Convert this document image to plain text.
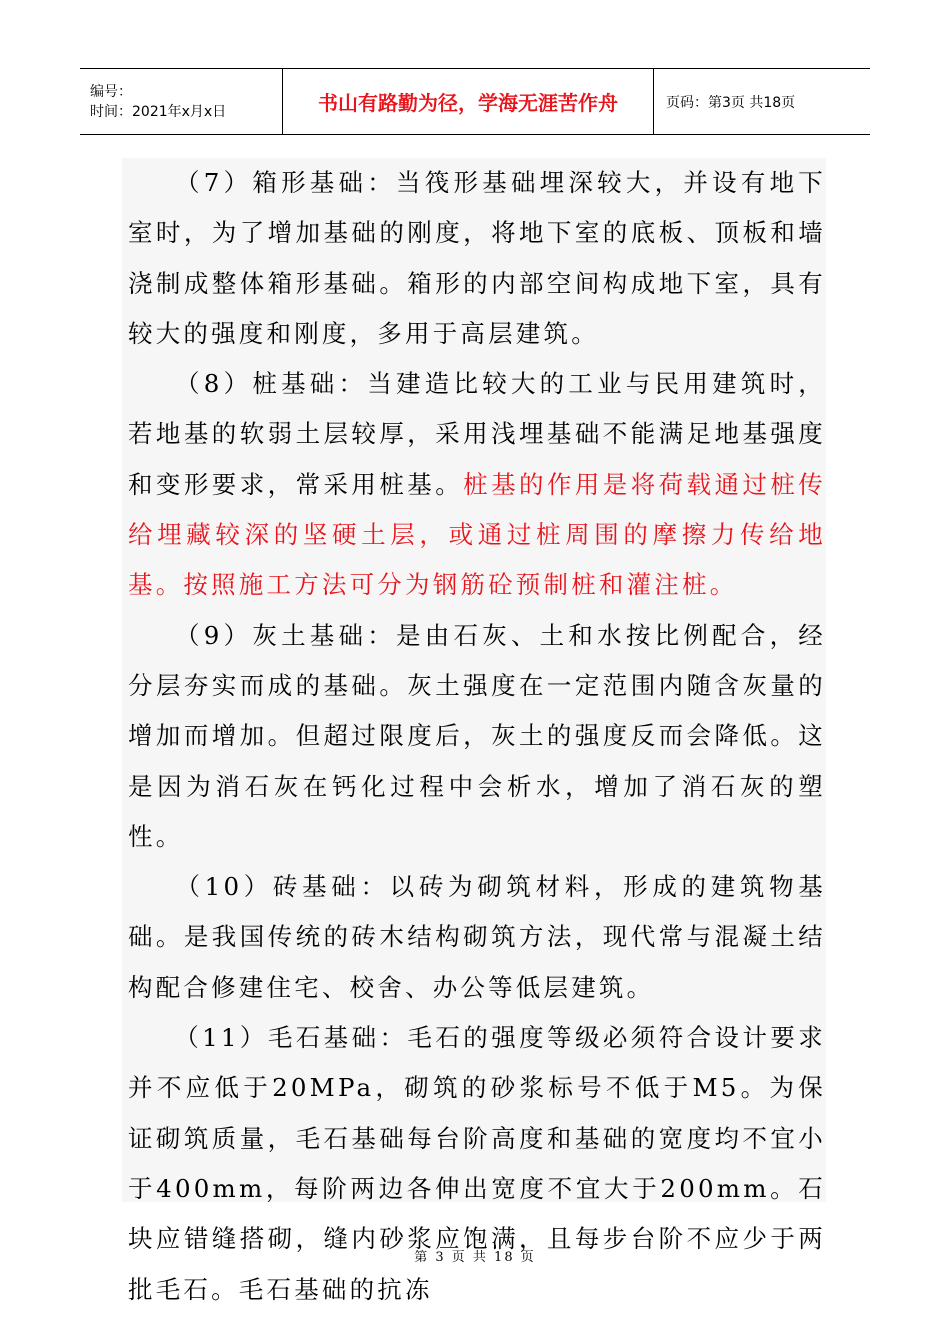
编号：
时间：2021年x月x日	书山有路勤为径，学海无涯苦作舟	页码：第3页 共18页

（7）箱形基础：当筏形基础埋深较大，并设有地下室时，为了增加基础的刚度，将地下室的底板、顶板和墙浇制成整体箱形基础。箱形的内部空间构成地下室，具有较大的强度和刚度，多用于高层建筑。

（8）桩基础：当建造比较大的工业与民用建筑时，若地基的软弱土层较厚，采用浅埋基础不能满足地基强度和变形要求，常采用桩基。桩基的作用是将荷载通过桩传给埋藏较深的坚硬土层，或通过桩周围的摩擦力传给地基。按照施工方法可分为钢筋砼预制桩和灌注桩。

（9）灰土基础：是由石灰、土和水按比例配合，经分层夯实而成的基础。灰土强度在一定范围内随含灰量的增加而增加。但超过限度后，灰土的强度反而会降低。这是因为消石灰在钙化过程中会析水，增加了消石灰的塑性。

（10）砖基础：以砖为砌筑材料，形成的建筑物基础。是我国传统的砖木结构砌筑方法，现代常与混凝土结构配合修建住宅、校舍、办公等低层建筑。

（11）毛石基础：毛石的强度等级必须符合设计要求并不应低于20MPa，砌筑的砂浆标号不低于M5。为保证砌筑质量，毛石基础每台阶高度和基础的宽度均不宜小于400mm，每阶两边各伸出宽度不宜大于200mm。石块应错缝搭砌，缝内砂浆应饱满，且每步台阶不应少于两批毛石。毛石基础的抗冻

第 3 页 共 18 页
